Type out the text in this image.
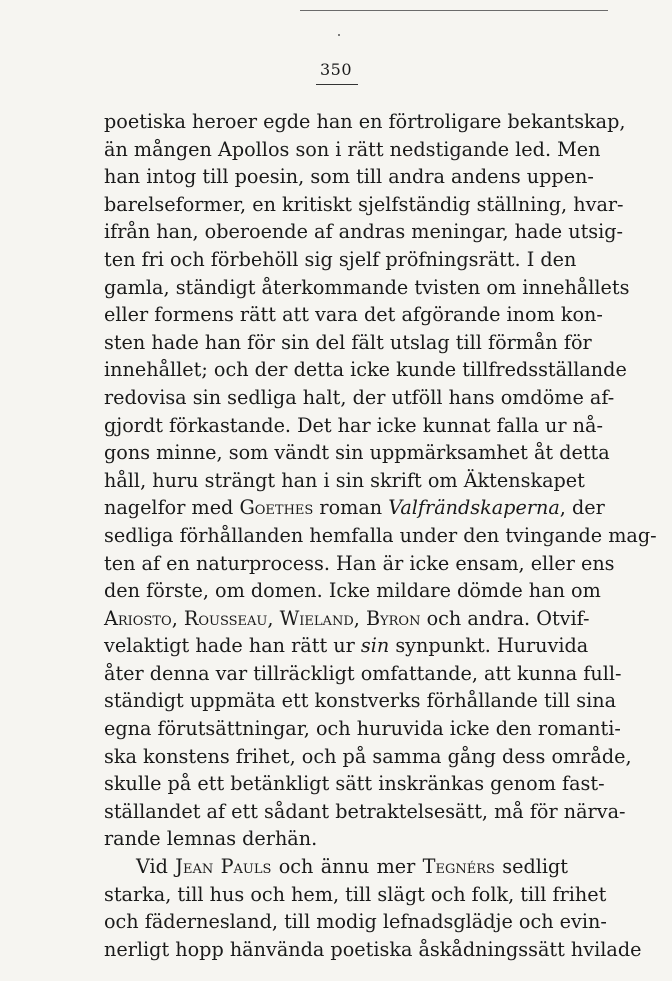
350
poetiska heroer egde han en förtroligare bekantskap,
än mången Apollos son i rätt nedstigande led. Men
han intog till poesin, som till andra andens uppen-
barelseformer, en kritiskt sjelfständig ställning, hvar-
ifrån han, oberoende af andras meningar, hade utsig-
ten fri och förbehöll sig sjelf pröfningsrätt. I den
gamla, ständigt återkommande tvisten om innehållets
eller formens rätt att vara det afgörande inom kon-
sten hade han för sin del fält utslag till förmån för
innehållet; och der detta icke kunde tillfredsställande
redovisa sin sedliga halt, der utföll hans omdöme af-
gjordt förkastande. Det har icke kunnat falla ur nå-
gons minne, som vändt sin uppmärksamhet åt detta
håll, huru strängt han i sin skrift om Äktenskapet
nagelfor med Goethes roman Valfrändskaperna, der
sedliga förhållanden hemfalla under den tvingande mag-
ten af en naturprocess. Han är icke ensam, eller ens
den förste, om domen. Icke mildare dömde han om
Ariosto, Rousseau, Wieland, Byron och andra. Otvif-
velaktigt hade han rätt ur sin synpunkt. Huruvida
åter denna var tillräckligt omfattande, att kunna full-
ständigt uppmäta ett konstverks förhållande till sina
egna förutsättningar, och huruvida icke den romanti-
ska konstens frihet, och på samma gång dess område,
skulle på ett betänkligt sätt inskränkas genom fast-
ställandet af ett sådant betraktelsesätt, må för närva-
rande lemnas derhän.
Vid Jean Pauls och ännu mer Tegnérs sedligt
starka, till hus och hem, till slägt och folk, till frihet
och fädernesland, till modig lefnadsglädje och evin-
nerligt hopp hänvända poetiska åskådningssätt hvilade
